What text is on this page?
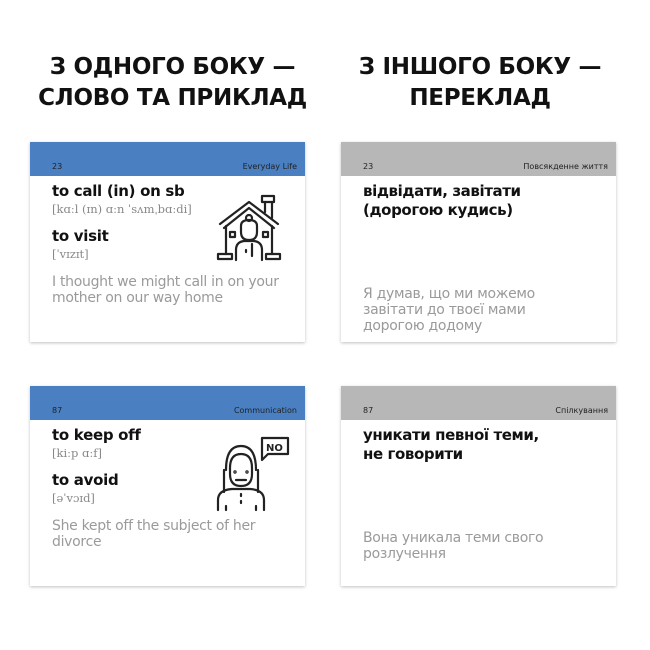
З ОДНОГО БОКУ —
СЛОВО ТА ПРИКЛАД
З ІНШОГО БОКУ —
ПЕРЕКЛАД
23	Everyday Life
to call (in) on sb
[kɑːl (ɪn) ɑːn ˈsʌmˌbɑːdi]
to visit
[ˈvɪzɪt]
I thought we might call in on your mother on our way home
23	Повсякденне життя
відвідати, завітати (дорогою кудись)
Я думав, що ми можемо завітати до твоєї мами дорогою додому
87	Communication
to keep off
[kiːp ɑːf]
to avoid
[əˈvɔɪd]
She kept off the subject of her divorce
NO
87	Спілкування
уникати певної теми,
не говорити
Вона уникала теми свого розлучення
